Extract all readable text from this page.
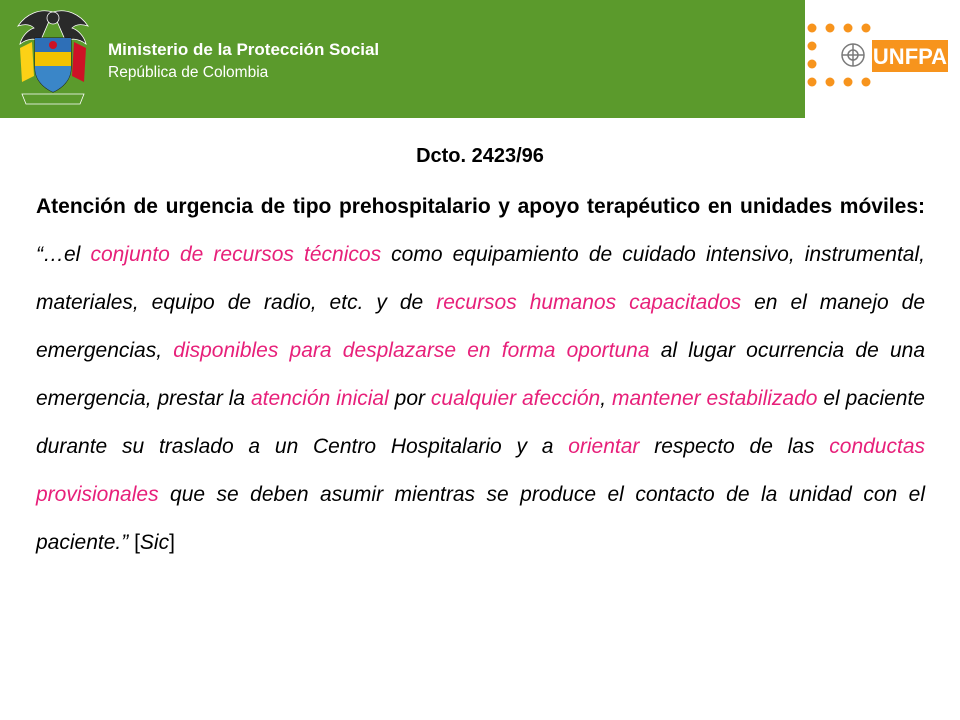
Ministerio de la Protección Social
República de Colombia
UNFPA
Dcto. 2423/96
Atención de urgencia de tipo prehospitalario y apoyo terapéutico en unidades móviles: “…el conjunto de recursos técnicos como equipamiento de cuidado intensivo, instrumental, materiales, equipo de radio, etc. y de recursos humanos capacitados en el manejo de emergencias, disponibles para desplazarse en forma oportuna al lugar ocurrencia de una emergencia, prestar la atención inicial por cualquier afección, mantener estabilizado el paciente durante su traslado a un Centro Hospitalario y a orientar respecto de las conductas provisionales que se deben asumir mientras se produce el contacto de la unidad con el paciente.” [Sic]
